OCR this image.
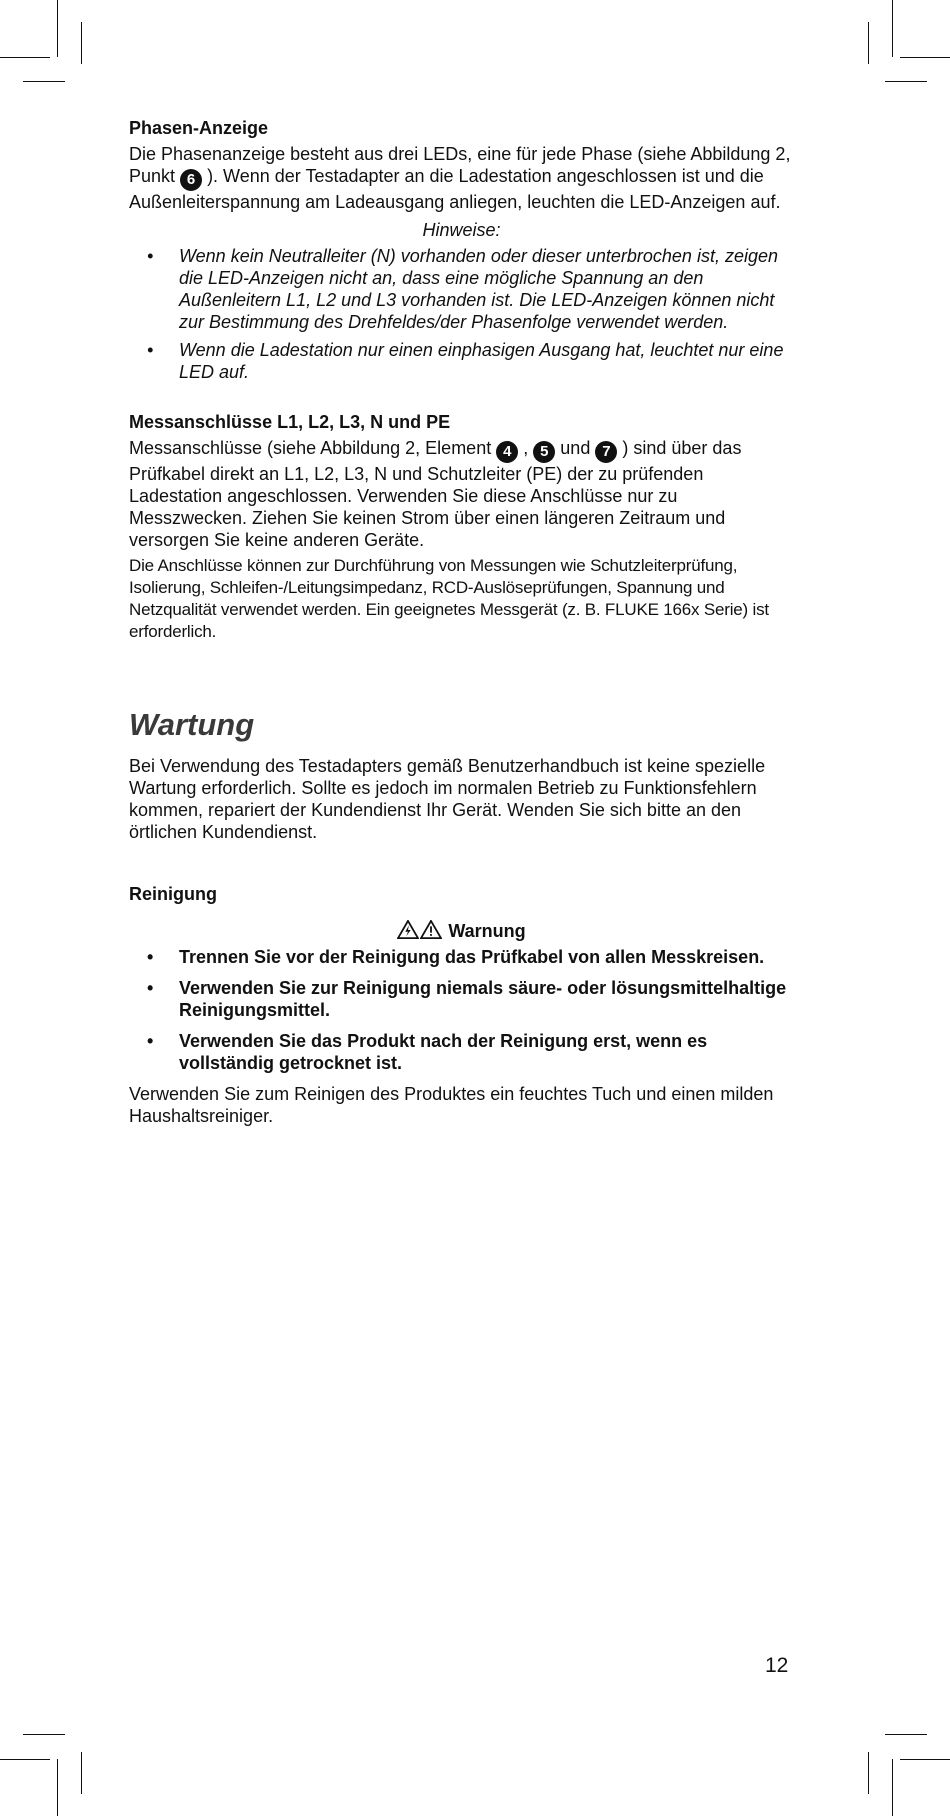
Phasen-Anzeige

Die Phasenanzeige besteht aus drei LEDs, eine für jede Phase (siehe Abbildung 2, Punkt 6 ). Wenn der Testadapter an die Ladestation angeschlossen ist und die Außenleiterspannung am Ladeausgang anliegen, leuchten die LED-Anzeigen auf.

Hinweise:
• Wenn kein Neutralleiter (N) vorhanden oder dieser unterbrochen ist, zeigen die LED-Anzeigen nicht an, dass eine mögliche Spannung an den Außenleitern L1, L2 und L3 vorhanden ist. Die LED-Anzeigen können nicht zur Bestimmung des Drehfeldes/der Phasenfolge verwendet werden.
• Wenn die Ladestation nur einen einphasigen Ausgang hat, leuchtet nur eine LED auf.
Messanschlüsse L1, L2, L3, N und PE

Messanschlüsse (siehe Abbildung 2, Element 4 , 5 und 7 ) sind über das Prüfkabel direkt an L1, L2, L3, N und Schutzleiter (PE) der zu prüfenden Ladestation angeschlossen. Verwenden Sie diese Anschlüsse nur zu Messzwecken. Ziehen Sie keinen Strom über einen längeren Zeitraum und versorgen Sie keine anderen Geräte.

Die Anschlüsse können zur Durchführung von Messungen wie Schutzleiterprüfung, Isolierung, Schleifen-/Leitungsimpedanz, RCD-Auslöseprüfungen, Spannung und Netzqualität verwendet werden. Ein geeignetes Messgerät (z. B. FLUKE 166x Serie) ist erforderlich.

Wartung

Bei Verwendung des Testadapters gemäß Benutzerhandbuch ist keine spezielle Wartung erforderlich. Sollte es jedoch im normalen Betrieb zu Funktionsfehlern kommen, repariert der Kundendienst Ihr Gerät. Wenden Sie sich bitte an den örtlichen Kundendienst.

Reinigung
Warnung
• Trennen Sie vor der Reinigung das Prüfkabel von allen Messkreisen.
• Verwenden Sie zur Reinigung niemals säure- oder lösungsmittelhaltige Reinigungsmittel.
• Verwenden Sie das Produkt nach der Reinigung erst, wenn es vollständig getrocknet ist.

Verwenden Sie zum Reinigen des Produktes ein feuchtes Tuch und einen milden Haushaltsreiniger.

12
